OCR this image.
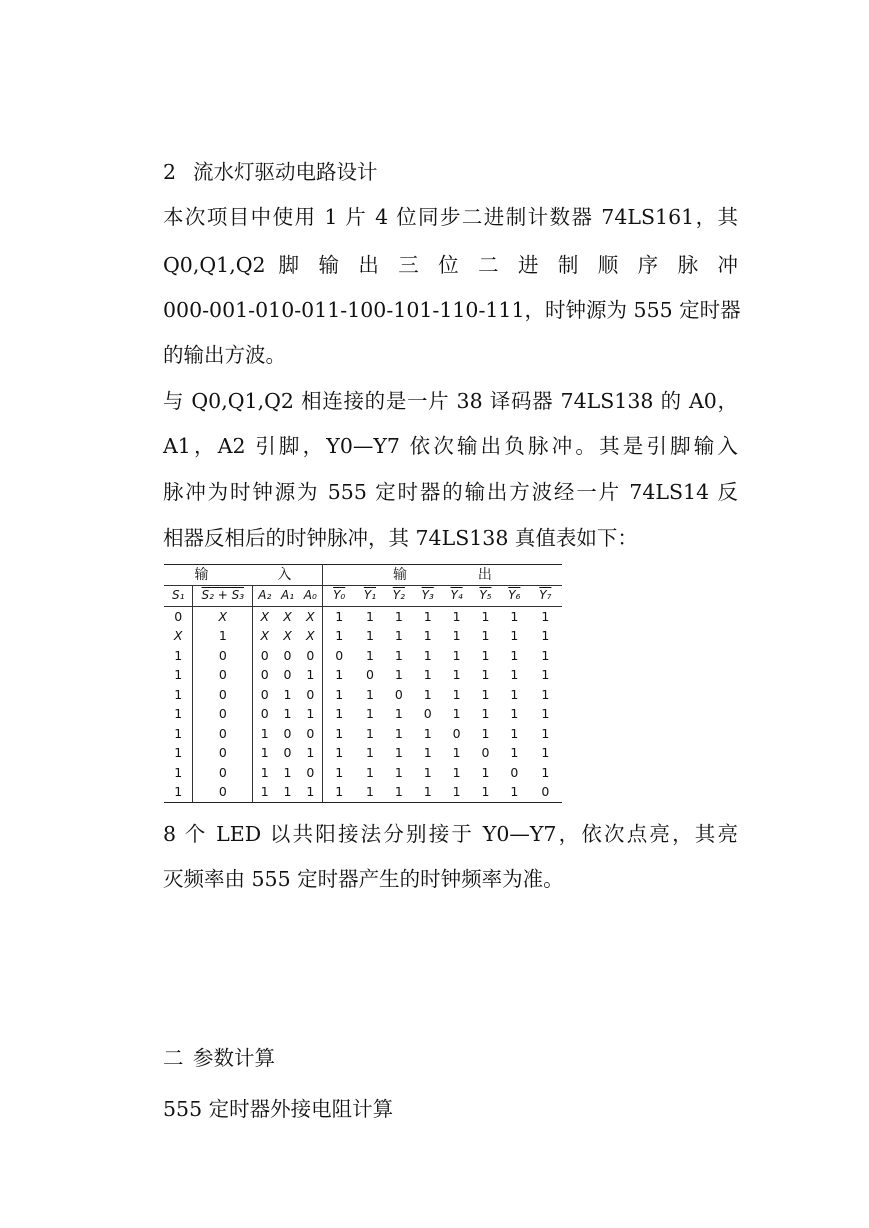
2 流水灯驱动电路设计

本次项目中使用 1 片 4 位同步二进制计数器 74LS161，其

Q0,Q1,Q2 脚 输 出 三 位 二 进 制 顺 序 脉 冲

000-001-010-011-100-101-110-111，时钟源为 555 定时器

的输出方波。

与 Q0,Q1,Q2 相连接的是一片 38 译码器 74LS138 的 A0，

A1，A2 引脚，Y0—Y7 依次输出负脉冲。其是引脚输入

脉冲为时钟源为 555 定时器的输出方波经一片 74LS14 反

相器反相后的时钟脉冲，其 74LS138 真值表如下：

输 入					输 出							
S₁	S₂ + S₃	A₂	A₁	A₀	Y₀	Y₁	Y₂	Y₃	Y₄	Y₅	Y₆	Y₇
0	X	X	X	X	1	1	1	1	1	1	1	1
X	1	X	X	X	1	1	1	1	1	1	1	1
1	0	0	0	0	0	1	1	1	1	1	1	1
1	0	0	0	1	1	0	1	1	1	1	1	1
1	0	0	1	0	1	1	0	1	1	1	1	1
1	0	0	1	1	1	1	1	0	1	1	1	1
1	0	1	0	0	1	1	1	1	0	1	1	1
1	0	1	0	1	1	1	1	1	1	0	1	1
1	0	1	1	0	1	1	1	1	1	1	0	1
1	0	1	1	1	1	1	1	1	1	1	1	0

8 个 LED 以共阳接法分别接于 Y0—Y7，依次点亮，其亮

灭频率由 555 定时器产生的时钟频率为准。

二 参数计算

555 定时器外接电阻计算
